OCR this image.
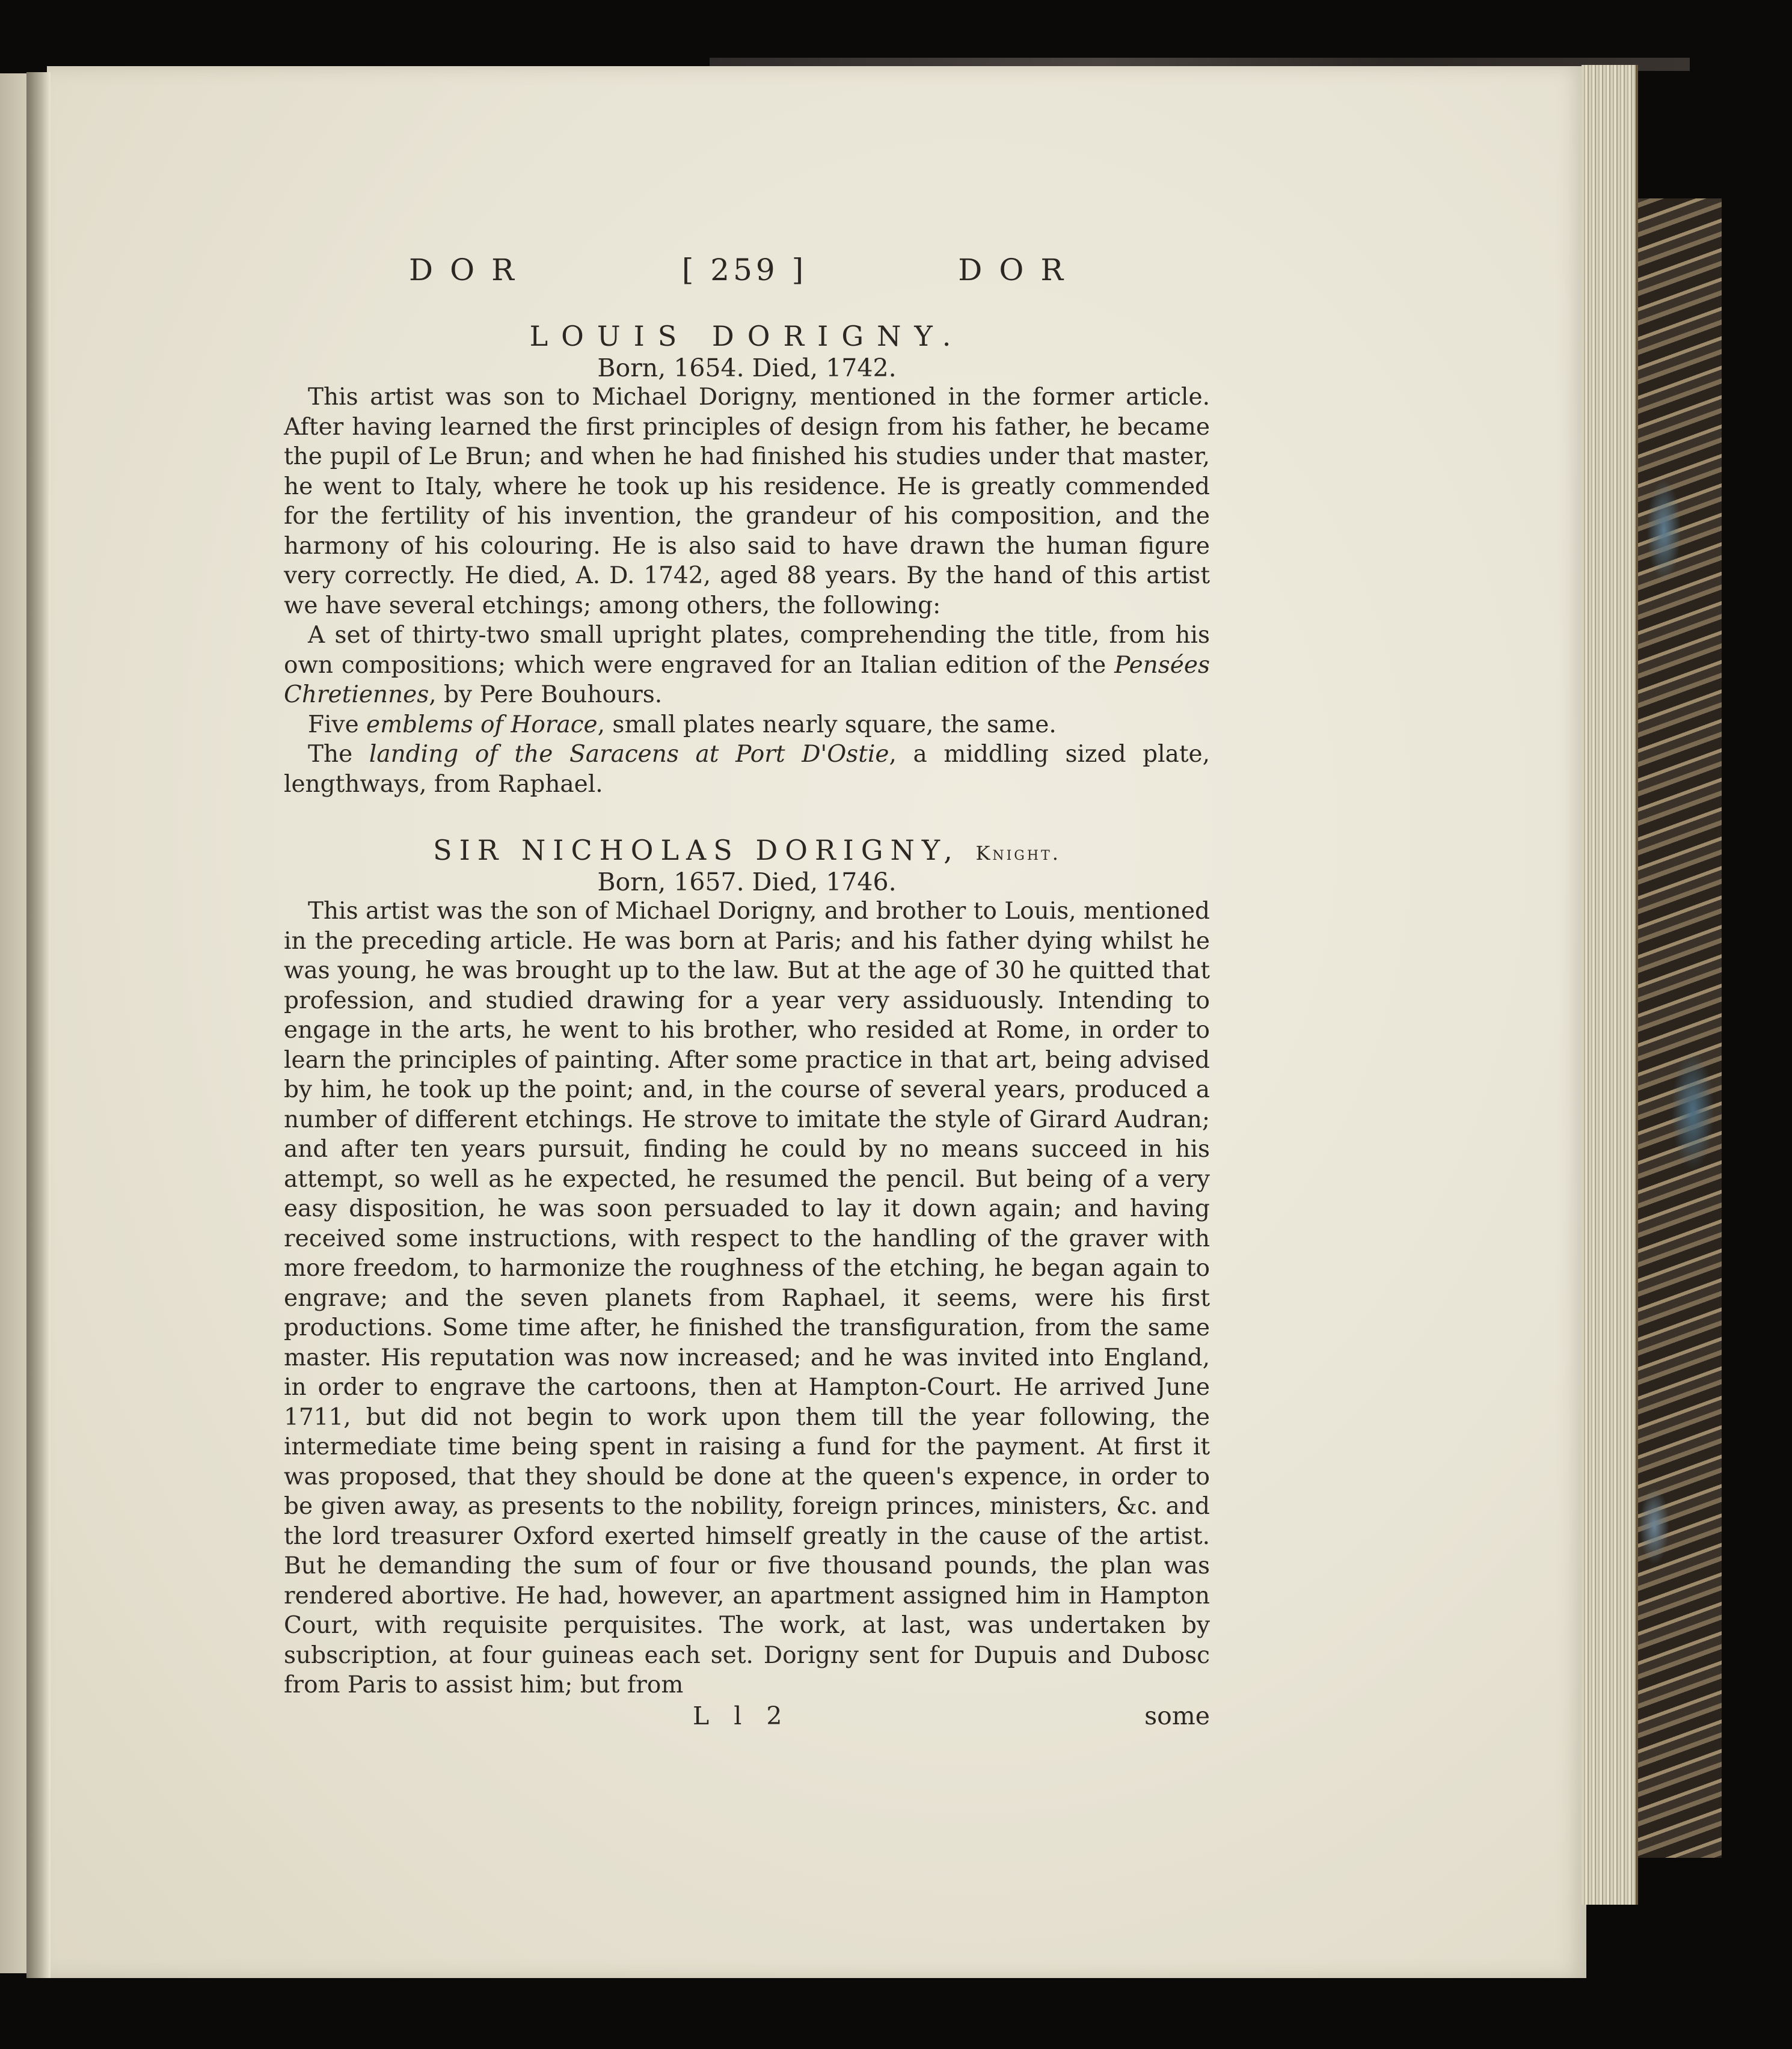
DOR	[ 259 ]	DOR
LOUIS DORIGNY.
Born, 1654. Died, 1742.

This artist was son to Michael Dorigny, mentioned in the former article. After having learned the first principles of design from his father, he became the pupil of Le Brun; and when he had finished his studies under that master, he went to Italy, where he took up his residence. He is greatly commended for the fertility of his invention, the grandeur of his composition, and the harmony of his colouring. He is also said to have drawn the human figure very correctly. He died, A. D. 1742, aged 88 years. By the hand of this artist we have several etchings; among others, the following:

A set of thirty-two small upright plates, comprehending the title, from his own compositions; which were engraved for an Italian edition of the Pensées Chretiennes, by Pere Bouhours.

Five emblems of Horace, small plates nearly square, the same.

The landing of the Saracens at Port D'Ostie, a middling sized plate, lengthways, from Raphael.

SIR NICHOLAS DORIGNY, Knight.
Born, 1657. Died, 1746.

This artist was the son of Michael Dorigny, and brother to Louis, mentioned in the preceding article. He was born at Paris; and his father dying whilst he was young, he was brought up to the law. But at the age of 30 he quitted that profession, and studied drawing for a year very assiduously. Intending to engage in the arts, he went to his brother, who resided at Rome, in order to learn the principles of painting. After some practice in that art, being advised by him, he took up the point; and, in the course of several years, produced a number of different etchings. He strove to imitate the style of Girard Audran; and after ten years pursuit, finding he could by no means succeed in his attempt, so well as he expected, he resumed the pencil. But being of a very easy disposition, he was soon persuaded to lay it down again; and having received some instructions, with respect to the handling of the graver with more freedom, to harmonize the roughness of the etching, he began again to engrave; and the seven planets from Raphael, it seems, were his first productions. Some time after, he finished the transfiguration, from the same master. His reputation was now increased; and he was invited into England, in order to engrave the cartoons, then at Hampton-Court. He arrived June 1711, but did not begin to work upon them till the year following, the intermediate time being spent in raising a fund for the payment. At first it was proposed, that they should be done at the queen's expence, in order to be given away, as presents to the nobility, foreign princes, ministers, &c. and the lord treasurer Oxford exerted himself greatly in the cause of the artist. But he demanding the sum of four or five thousand pounds, the plan was rendered abortive. He had, however, an apartment assigned him in Hampton Court, with requisite perquisites. The work, at last, was undertaken by subscription, at four guineas each set. Dorigny sent for Dupuis and Dubosc from Paris to assist him; but from

L l 2	some
